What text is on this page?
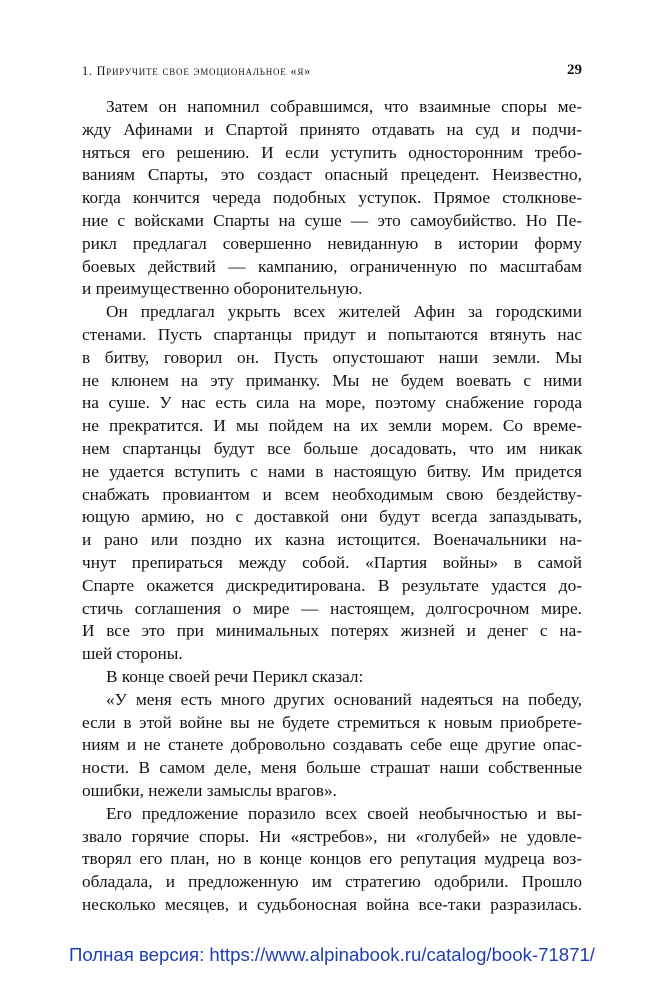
1. Приручите свое эмоциональное «я»	29
Затем он напомнил собравшимся, что взаимные споры ме-
жду Афинами и Спартой принято отдавать на суд и подчи-
няться его решению. И если уступить односторонним требо-
ваниям Спарты, это создаст опасный прецедент. Неизвестно,
когда кончится череда подобных уступок. Прямое столкнове-
ние с войсками Спарты на суше — это самоубийство. Но Пе-
рикл предлагал совершенно невиданную в истории форму
боевых действий — кампанию, ограниченную по масштабам
и преимущественно оборонительную.
Он предлагал укрыть всех жителей Афин за городскими
стенами. Пусть спартанцы придут и попытаются втянуть нас
в битву, говорил он. Пусть опустошают наши земли. Мы
не клюнем на эту приманку. Мы не будем воевать с ними
на суше. У нас есть сила на море, поэтому снабжение города
не прекратится. И мы пойдем на их земли морем. Со време-
нем спартанцы будут все больше досадовать, что им никак
не удается вступить с нами в настоящую битву. Им придется
снабжать провиантом и всем необходимым свою бездейству-
ющую армию, но с доставкой они будут всегда запаздывать,
и рано или поздно их казна истощится. Военачальники на-
чнут препираться между собой. «Партия войны» в самой
Спарте окажется дискредитирована. В результате удастся до-
стичь соглашения о мире — настоящем, долгосрочном мире.
И все это при минимальных потерях жизней и денег с на-
шей стороны.
В конце своей речи Перикл сказал:
«У меня есть много других оснований надеяться на победу,
если в этой войне вы не будете стремиться к новым приобрете-
ниям и не станете добровольно создавать себе еще другие опас-
ности. В самом деле, меня больше страшат наши собственные
ошибки, нежели замыслы врагов».
Его предложение поразило всех своей необычностью и вы-
звало горячие споры. Ни «ястребов», ни «голубей» не удовле-
творял его план, но в конце концов его репутация мудреца воз-
обладала, и предложенную им стратегию одобрили. Прошло
несколько месяцев, и судьбоносная война все-таки разразилась.
Полная версия: https://www.alpinabook.ru/catalog/book-71871/
